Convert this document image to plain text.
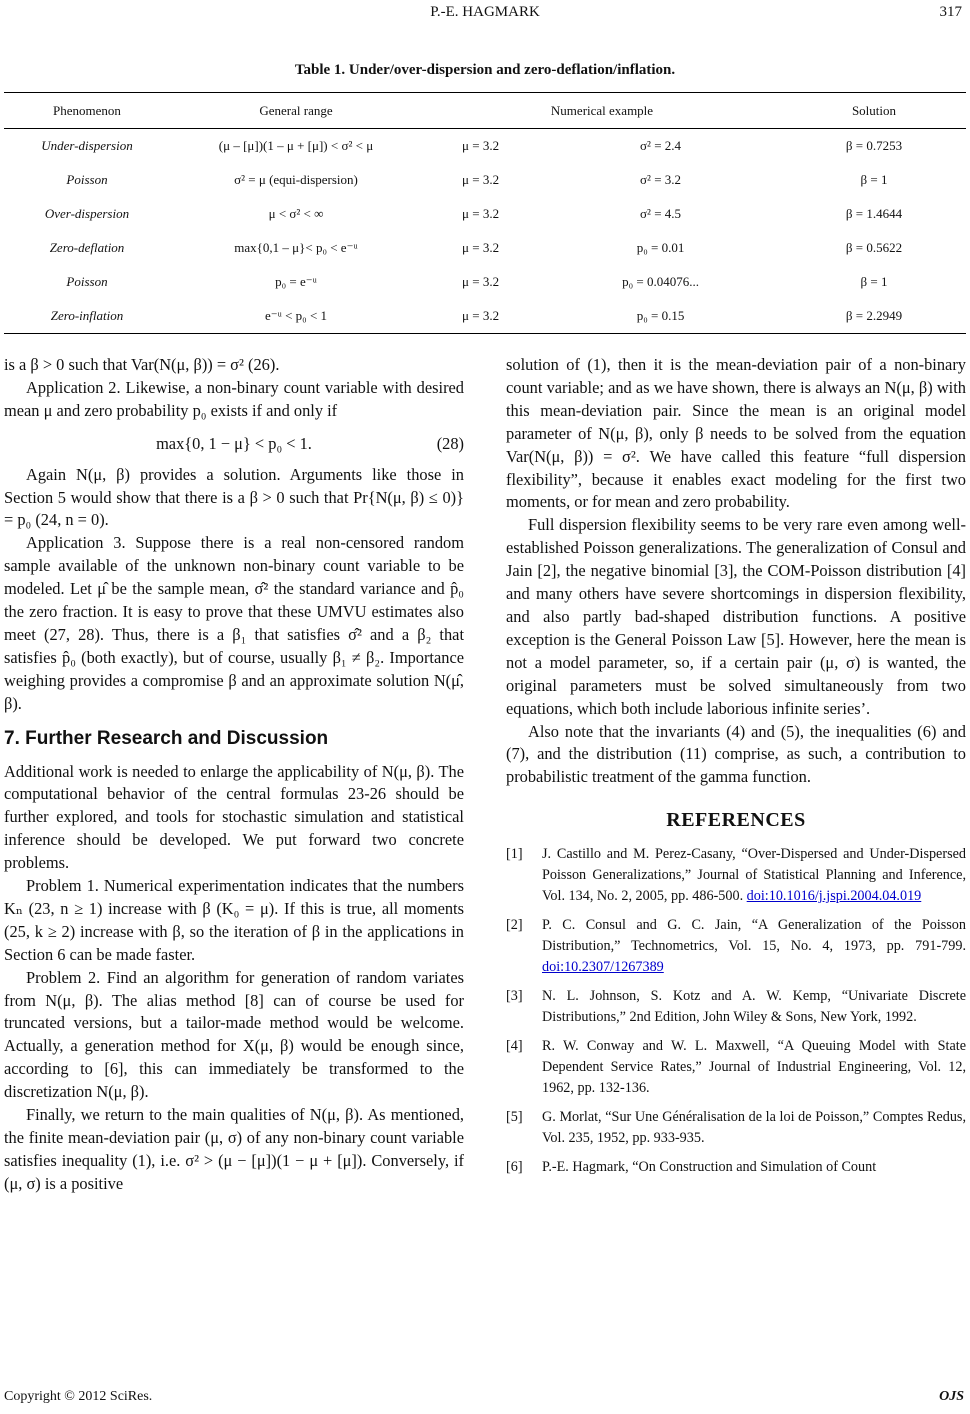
P.-E. HAGMARK	317
Table 1. Under/over-dispersion and zero-deflation/inflation.
Phenomenon	General range	Numerical example		Solution
Under-dispersion	(μ – [μ])(1 – μ + [μ]) < σ² < μ	μ = 3.2	σ² = 2.4	β = 0.7253
Poisson	σ² = μ (equi-dispersion)	μ = 3.2	σ² = 3.2	β = 1
Over-dispersion	μ < σ² < ∞	μ = 3.2	σ² = 4.5	β = 1.4644
Zero-deflation	max{0,1 – μ}< p₀ < e⁻ᵘ	μ = 3.2	p₀ = 0.01	β = 0.5622
Poisson	p₀ = e⁻ᵘ	μ = 3.2	p₀ = 0.04076...	β = 1
Zero-inflation	e⁻ᵘ < p₀ < 1	μ = 3.2	p₀ = 0.15	β = 2.2949

is a β > 0 such that Var(N(μ, β)) = σ² (26).

Application 2. Likewise, a non-binary count variable with desired mean μ and zero probability p₀ exists if and only if

max{0, 1 − μ} < p₀ < 1.	(28)

Again N(μ, β) provides a solution. Arguments like those in Section 5 would show that there is a β > 0 such that Pr{N(μ, β) ≤ 0)} = p₀ (24, n = 0).

Application 3. Suppose there is a real non-censored random sample available of the unknown non-binary count variable to be modeled. Let μ̂ be the sample mean, σ̂² the standard variance and p̂₀ the zero fraction. It is easy to prove that these UMVU estimates also meet (27, 28). Thus, there is a β₁ that satisfies σ̂² and a β₂ that satisfies p̂₀ (both exactly), but of course, usually β₁ ≠ β₂. Importance weighing provides a compromise β and an approximate solution N(μ̂, β).

7. Further Research and Discussion

Additional work is needed to enlarge the applicability of N(μ, β). The computational behavior of the central formulas 23-26 should be further explored, and tools for stochastic simulation and statistical inference should be developed. We put forward two concrete problems.

Problem 1. Numerical experimentation indicates that the numbers Kₙ (23, n ≥ 1) increase with β (K₀ = μ). If this is true, all moments (25, k ≥ 2) increase with β, so the iteration of β in the applications in Section 6 can be made faster.

Problem 2. Find an algorithm for generation of random variates from N(μ, β). The alias method [8] can of course be used for truncated versions, but a tailor-made method would be welcome. Actually, a generation method for X(μ, β) would be enough since, according to [6], this can immediately be transformed to the discretization N(μ, β).

Finally, we return to the main qualities of N(μ, β). As mentioned, the finite mean-deviation pair (μ, σ) of any non-binary count variable satisfies inequality (1), i.e. σ² > (μ − [μ])(1 − μ + [μ]). Conversely, if (μ, σ) is a positive

solution of (1), then it is the mean-deviation pair of a non-binary count variable; and as we have shown, there is always an N(μ, β) with this mean-deviation pair. Since the mean is an original model parameter of N(μ, β), only β needs to be solved from the equation Var(N(μ, β)) = σ². We have called this feature “full dispersion flexibility”, because it enables exact modeling for the first two moments, or for mean and zero probability.

Full dispersion flexibility seems to be very rare even among well-established Poisson generalizations. The generalization of Consul and Jain [2], the negative binomial [3], the COM-Poisson distribution [4] and many others have severe shortcomings in dispersion flexibility, and also partly bad-shaped distribution functions. A positive exception is the General Poisson Law [5]. However, here the mean is not a model parameter, so, if a certain pair (μ, σ) is wanted, the original parameters must be solved simultaneously from two equations, which both include laborious infinite series’.

Also note that the invariants (4) and (5), the inequalities (6) and (7), and the distribution (11) comprise, as such, a contribution to probabilistic treatment of the gamma function.

REFERENCES
[1]	J. Castillo and M. Perez-Casany, “Over-Dispersed and Under-Dispersed Poisson Generalizations,” Journal of Statistical Planning and Inference, Vol. 134, No. 2, 2005, pp. 486-500. doi:10.1016/j.jspi.2004.04.019
[2]	P. C. Consul and G. C. Jain, “A Generalization of the Poisson Distribution,” Technometrics, Vol. 15, No. 4, 1973, pp. 791-799. doi:10.2307/1267389
[3]	N. L. Johnson, S. Kotz and A. W. Kemp, “Univariate Discrete Distributions,” 2nd Edition, John Wiley & Sons, New York, 1992.
[4]	R. W. Conway and W. L. Maxwell, “A Queuing Model with State Dependent Service Rates,” Journal of Industrial Engineering, Vol. 12, 1962, pp. 132-136.
[5]	G. Morlat, “Sur Une Généralisation de la loi de Poisson,” Comptes Redus, Vol. 235, 1952, pp. 933-935.
[6]	P.-E. Hagmark, “On Construction and Simulation of Count
Copyright © 2012 SciRes.	OJS
